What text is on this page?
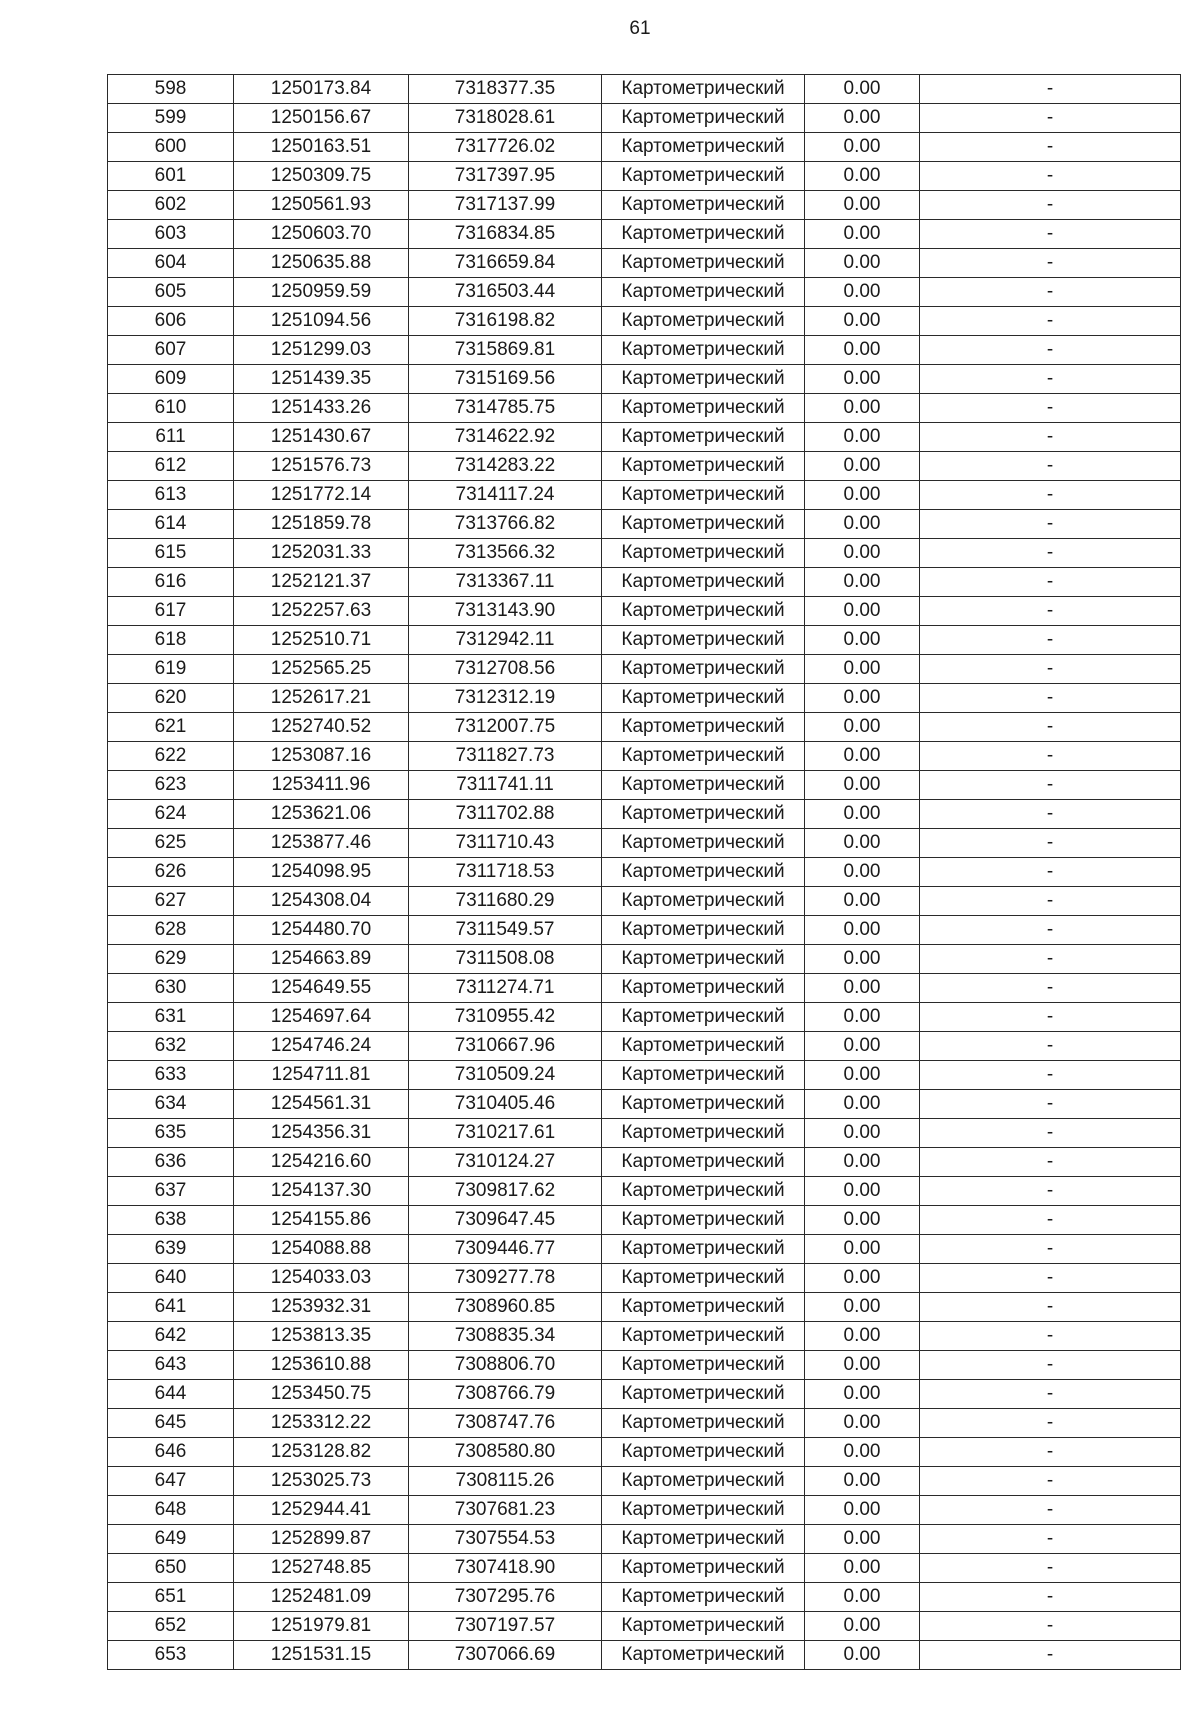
61
598	1250173.84	7318377.35	Картометрический	0.00	-
599	1250156.67	7318028.61	Картометрический	0.00	-
600	1250163.51	7317726.02	Картометрический	0.00	-
601	1250309.75	7317397.95	Картометрический	0.00	-
602	1250561.93	7317137.99	Картометрический	0.00	-
603	1250603.70	7316834.85	Картометрический	0.00	-
604	1250635.88	7316659.84	Картометрический	0.00	-
605	1250959.59	7316503.44	Картометрический	0.00	-
606	1251094.56	7316198.82	Картометрический	0.00	-
607	1251299.03	7315869.81	Картометрический	0.00	-
609	1251439.35	7315169.56	Картометрический	0.00	-
610	1251433.26	7314785.75	Картометрический	0.00	-
611	1251430.67	7314622.92	Картометрический	0.00	-
612	1251576.73	7314283.22	Картометрический	0.00	-
613	1251772.14	7314117.24	Картометрический	0.00	-
614	1251859.78	7313766.82	Картометрический	0.00	-
615	1252031.33	7313566.32	Картометрический	0.00	-
616	1252121.37	7313367.11	Картометрический	0.00	-
617	1252257.63	7313143.90	Картометрический	0.00	-
618	1252510.71	7312942.11	Картометрический	0.00	-
619	1252565.25	7312708.56	Картометрический	0.00	-
620	1252617.21	7312312.19	Картометрический	0.00	-
621	1252740.52	7312007.75	Картометрический	0.00	-
622	1253087.16	7311827.73	Картометрический	0.00	-
623	1253411.96	7311741.11	Картометрический	0.00	-
624	1253621.06	7311702.88	Картометрический	0.00	-
625	1253877.46	7311710.43	Картометрический	0.00	-
626	1254098.95	7311718.53	Картометрический	0.00	-
627	1254308.04	7311680.29	Картометрический	0.00	-
628	1254480.70	7311549.57	Картометрический	0.00	-
629	1254663.89	7311508.08	Картометрический	0.00	-
630	1254649.55	7311274.71	Картометрический	0.00	-
631	1254697.64	7310955.42	Картометрический	0.00	-
632	1254746.24	7310667.96	Картометрический	0.00	-
633	1254711.81	7310509.24	Картометрический	0.00	-
634	1254561.31	7310405.46	Картометрический	0.00	-
635	1254356.31	7310217.61	Картометрический	0.00	-
636	1254216.60	7310124.27	Картометрический	0.00	-
637	1254137.30	7309817.62	Картометрический	0.00	-
638	1254155.86	7309647.45	Картометрический	0.00	-
639	1254088.88	7309446.77	Картометрический	0.00	-
640	1254033.03	7309277.78	Картометрический	0.00	-
641	1253932.31	7308960.85	Картометрический	0.00	-
642	1253813.35	7308835.34	Картометрический	0.00	-
643	1253610.88	7308806.70	Картометрический	0.00	-
644	1253450.75	7308766.79	Картометрический	0.00	-
645	1253312.22	7308747.76	Картометрический	0.00	-
646	1253128.82	7308580.80	Картометрический	0.00	-
647	1253025.73	7308115.26	Картометрический	0.00	-
648	1252944.41	7307681.23	Картометрический	0.00	-
649	1252899.87	7307554.53	Картометрический	0.00	-
650	1252748.85	7307418.90	Картометрический	0.00	-
651	1252481.09	7307295.76	Картометрический	0.00	-
652	1251979.81	7307197.57	Картометрический	0.00	-
653	1251531.15	7307066.69	Картометрический	0.00	-
